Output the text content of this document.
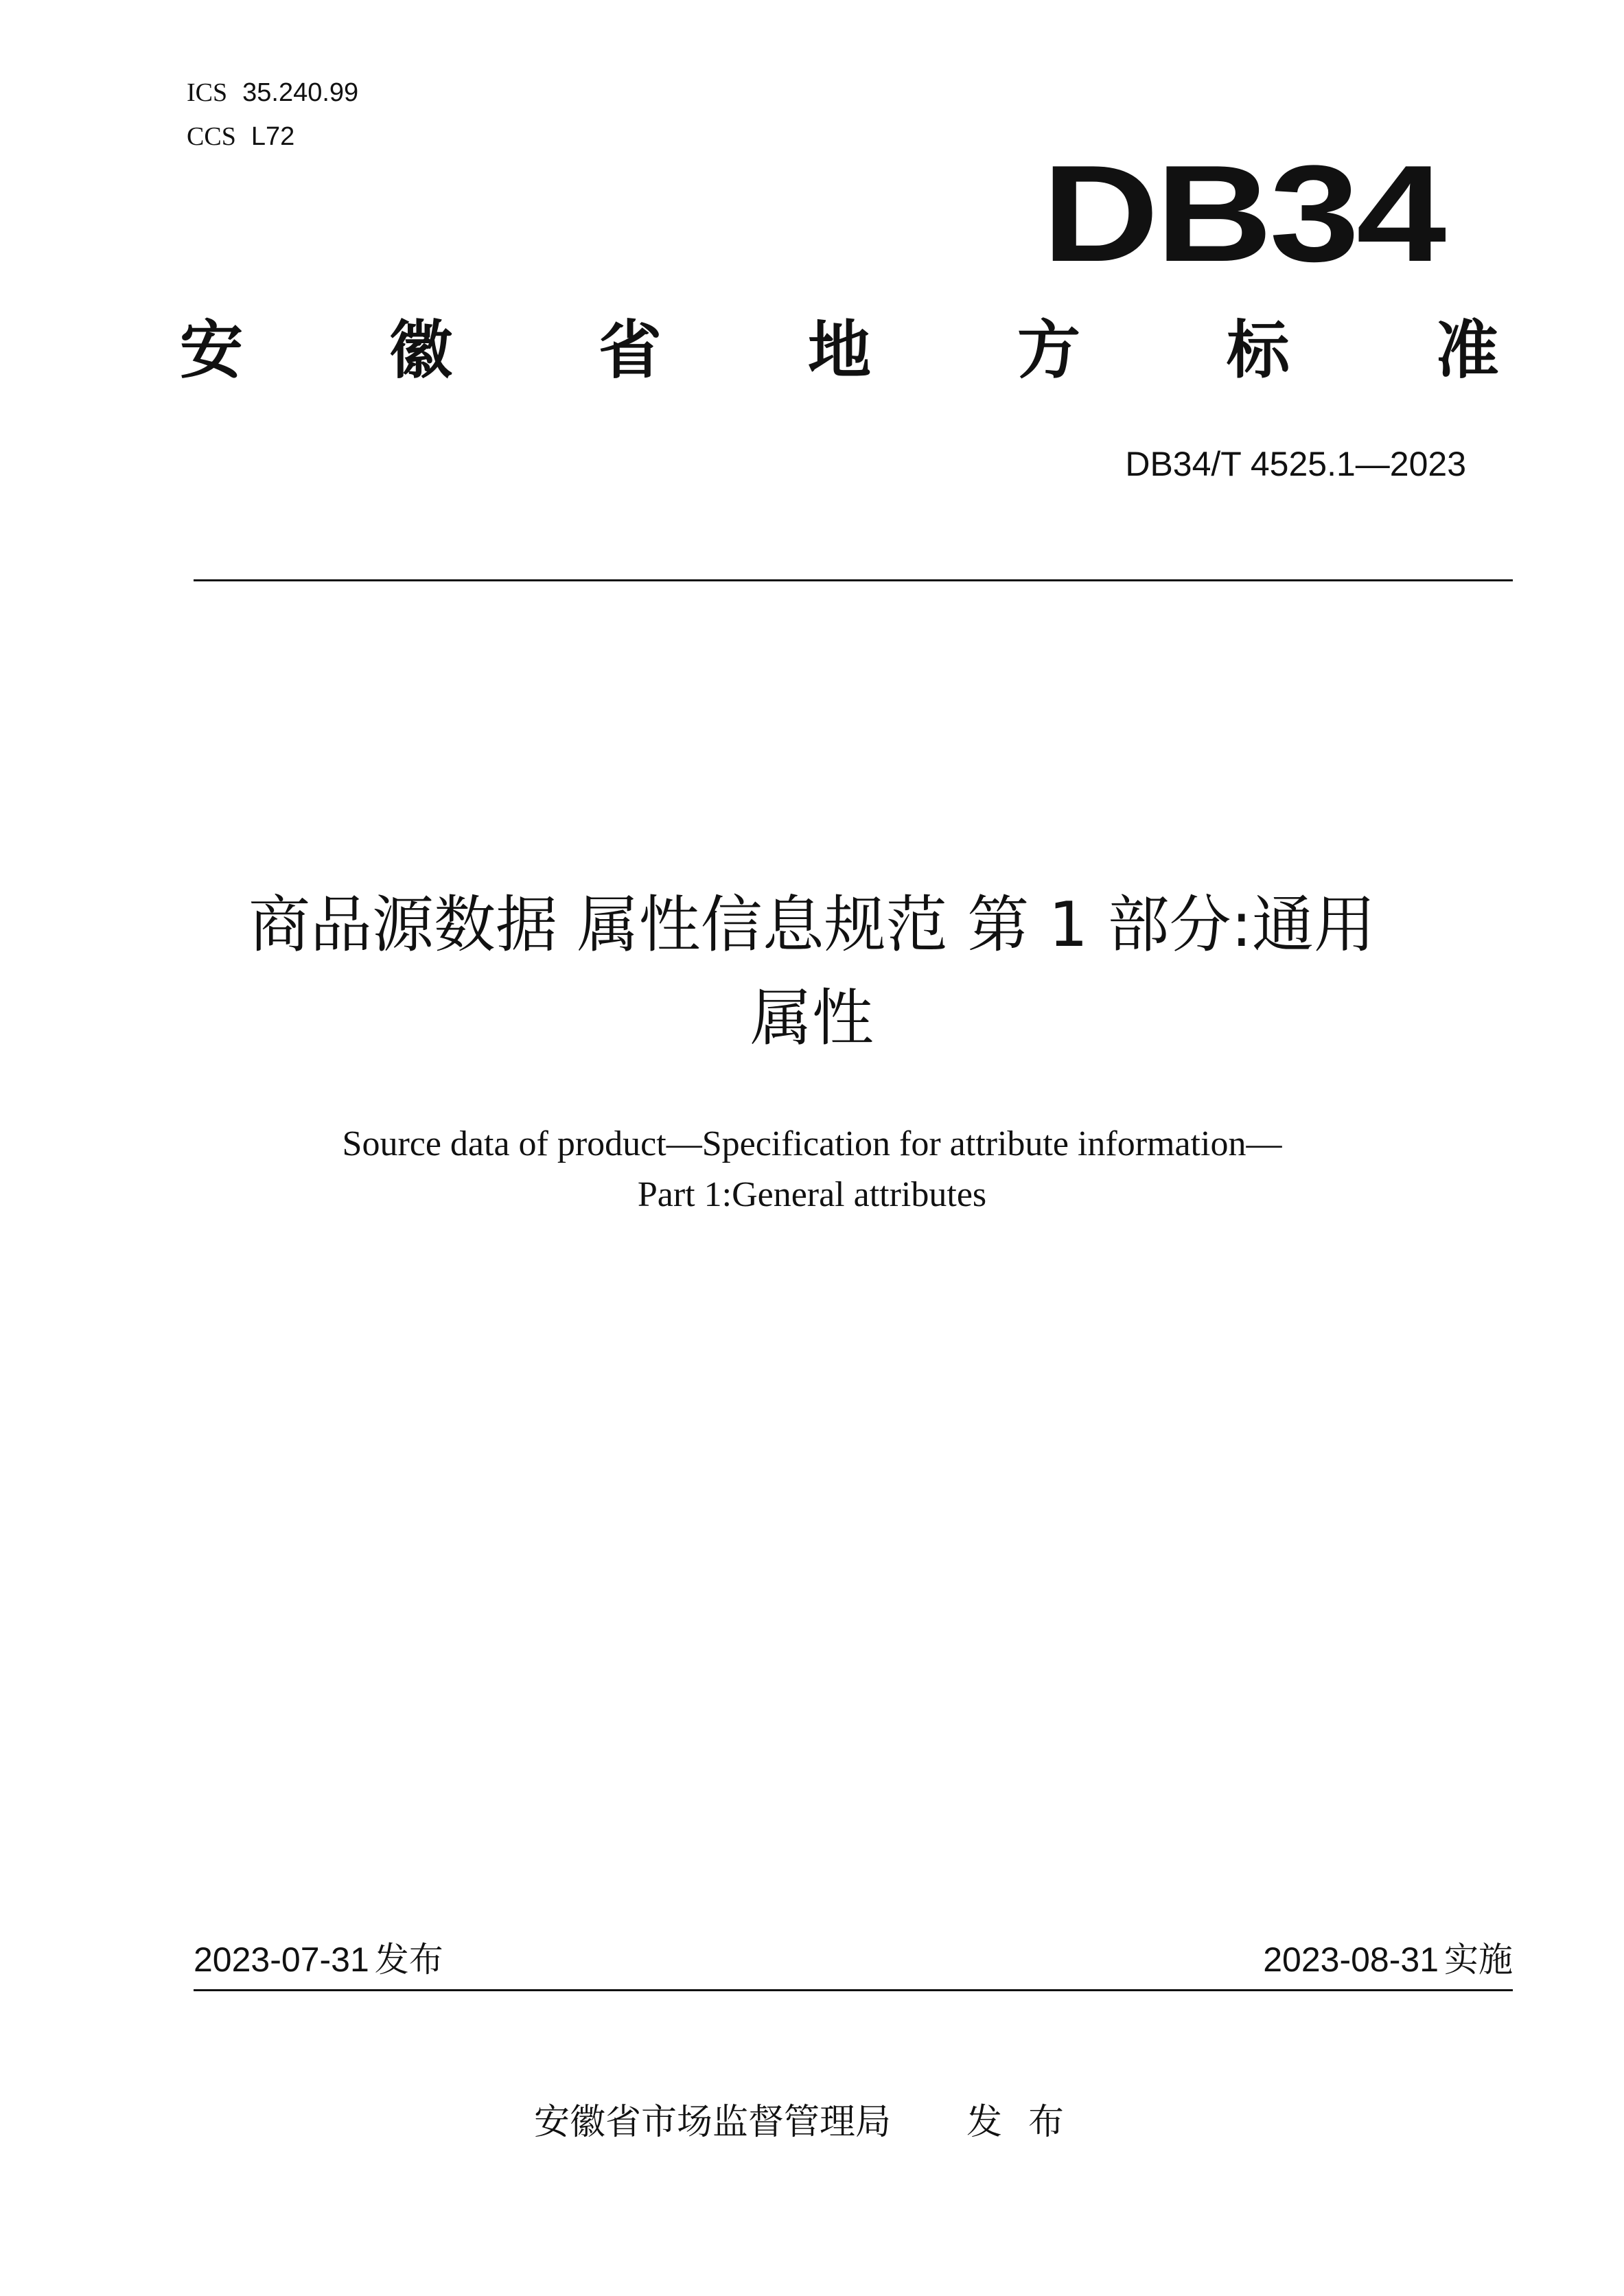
ICS 35.240.99
CCS L72
DB34
安 徽 省 地 方 标 准
DB34/T 4525.1—2023
商品源数据 属性信息规范 第 1 部分:通用
属性
Source data of product—Specification for attribute information—
Part 1:General attributes
2023-07-31 发布	2023-08-31 实施
安徽省市场监督管理局 发布
